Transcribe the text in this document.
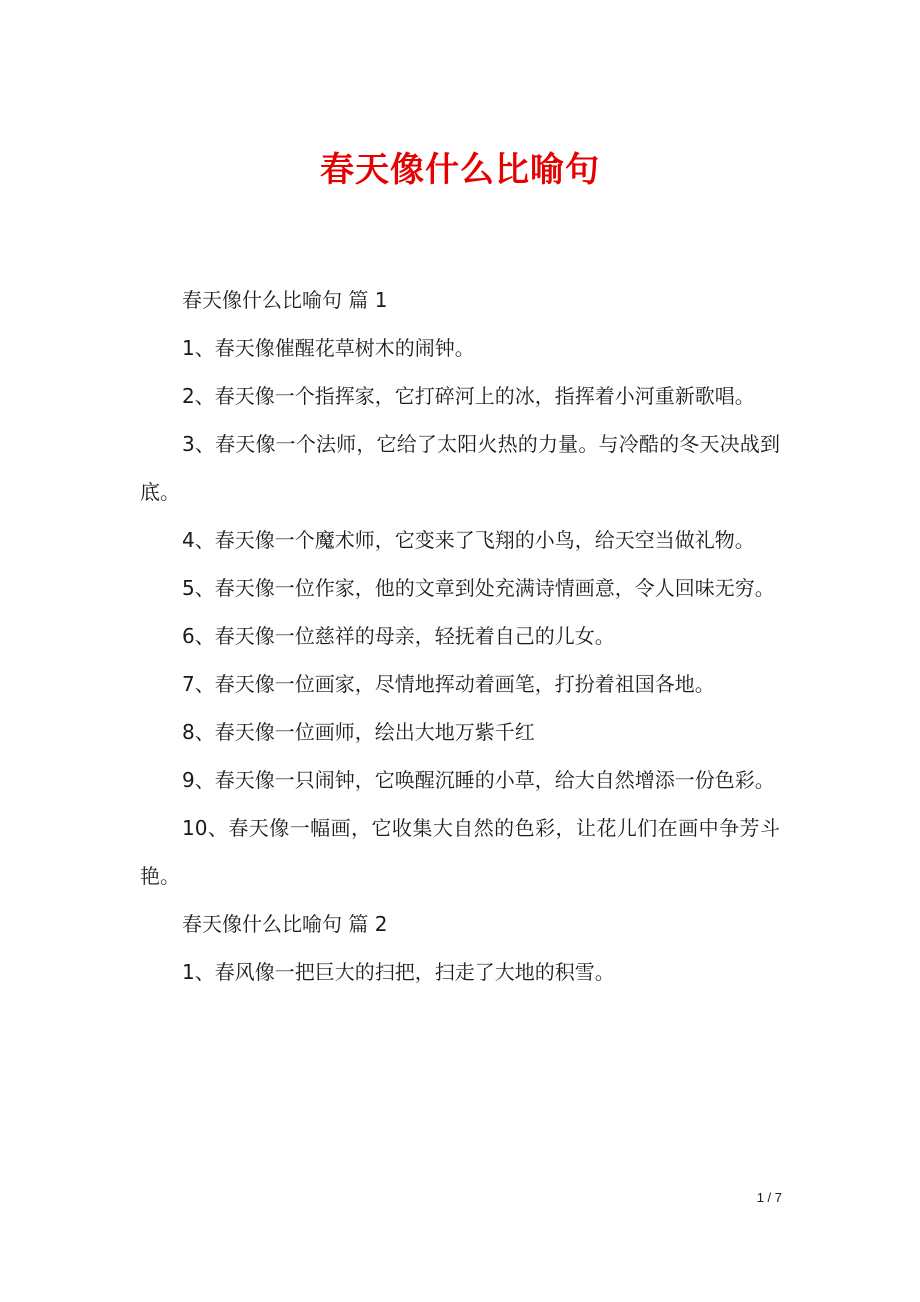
春天像什么比喻句

春天像什么比喻句 篇 1

1、春天像催醒花草树木的闹钟。

2、春天像一个指挥家，它打碎河上的冰，指挥着小河重新歌唱。

3、春天像一个法师，它给了太阳火热的力量。与冷酷的冬天决战到底。

4、春天像一个魔术师，它变来了飞翔的小鸟，给天空当做礼物。

5、春天像一位作家，他的文章到处充满诗情画意，令人回味无穷。

6、春天像一位慈祥的母亲，轻抚着自己的儿女。

7、春天像一位画家，尽情地挥动着画笔，打扮着祖国各地。

8、春天像一位画师，绘出大地万紫千红

9、春天像一只闹钟，它唤醒沉睡的小草，给大自然增添一份色彩。

10、春天像一幅画，它收集大自然的色彩，让花儿们在画中争芳斗艳。

春天像什么比喻句 篇 2

1、春风像一把巨大的扫把，扫走了大地的积雪。

1 / 7
